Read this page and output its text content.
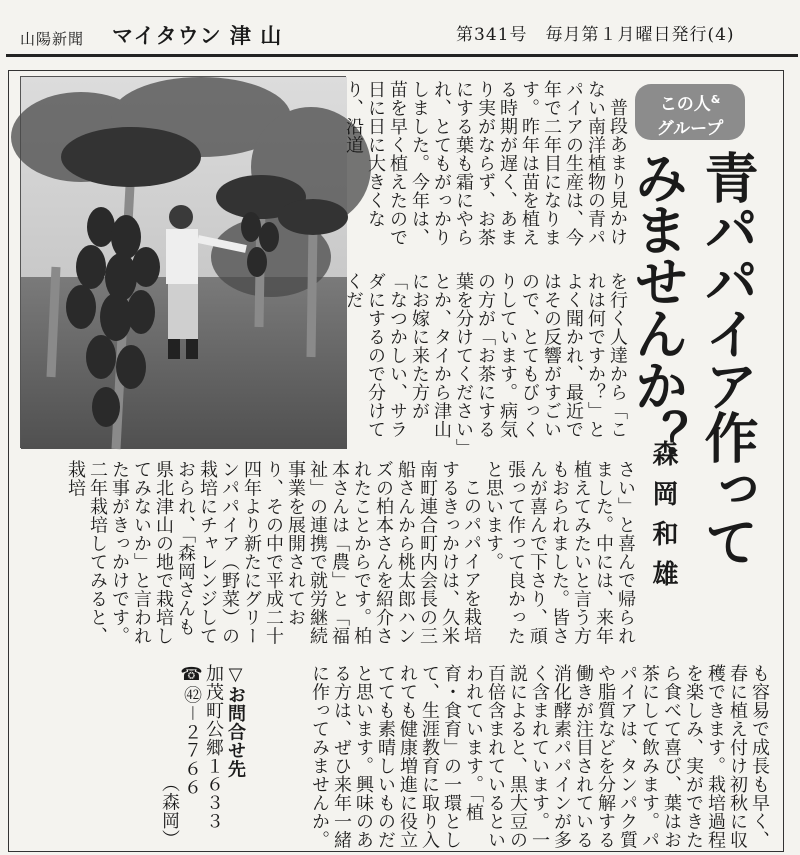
山陽新聞 マイタウン 津 山	第341号　毎月第１月曜日発行(4)
この人&
グループ
青パパイア作ってみませんか？
森岡和雄

普段あまり見かけない南洋植物の青パパイアの生産は、今年で二年目になります。昨年は苗を植える時期が遅く、あまり実がならず、お茶にする葉も霜にやられ、とてもがっかりしました。今年は、苗を早く植えたので日に日に大きくなり、沿道

を行く人達から「これは何ですか？」とよく聞かれ、最近ではその反響がすごいので、とてもびっくりしています。病気の方が「お茶にする葉を分けてください」とか、タイから津山にお嫁に来た方が「なつかしい、サラダにするので分けてくだ

さい」と喜んで帰られました。中には、来年植えてみたいと言う方もおられました。皆さんが喜んで下さり、頑張って作って良かったと思います。

このパパイアを栽培するきっかけは、久米南町連合町内会長の三船さんから桃太郎ハンズの柏本さんを紹介されたことからです。柏本さんは「農」と「福祉」の連携で就労継続事業を展開されており、その中で平成二十四年より新たにグリーンパパイア（野菜）の栽培にチャレンジしておられ、「森岡さんも県北津山の地で栽培してみないか」と言われた事がきっかけです。二年栽培してみると、栽培

も容易で成長も早く、春に植え付け初秋に収穫できます。栽培過程を楽しみ、実ができたら食べて喜び、葉はお茶にして飲みます。パパイアは、タンパク質や脂質などを分解する働きが注目されている消化酵素パパインが多く含まれています。一説によると、黒大豆の百倍含まれているとい われています。「植育・食育」の一環として、生涯教育に取り入れても健康増進に役立てても素晴しいものだと思います。興味のある方は、ぜひ来年一緒に作ってみませんか。

▽お問合せ先

加茂町公郷１６３３

☎㊷－２７６６

（森岡）
